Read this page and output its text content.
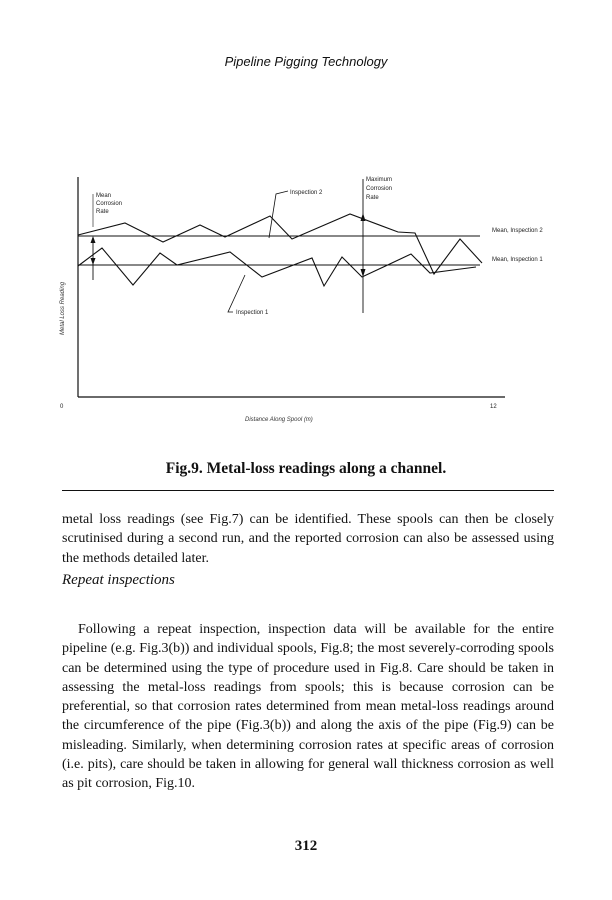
Pipeline Pigging Technology
Mean
Corrosion
Rate
Maximum
Corrosion
Rate
Inspection 2
Inspection 1
Mean, Inspection 2
Mean, Inspection 1
Metal Loss Reading
Distance Along Spool (m)
0	12
Fig.9. Metal-loss readings along a channel.

metal loss readings (see Fig.7) can be identified. These spools can then be closely scrutinised during a second run, and the reported corrosion can also be assessed using the methods detailed later.

Repeat inspections

Following a repeat inspection, inspection data will be available for the entire pipeline (e.g. Fig.3(b)) and individual spools, Fig.8; the most severely-corroding spools can be determined using the type of procedure used in Fig.8. Care should be taken in assessing the metal-loss readings from spools; this is because corrosion can be preferential, so that corrosion rates determined from mean metal-loss readings around the circumference of the pipe (Fig.3(b)) and along the axis of the pipe (Fig.9) can be misleading. Similarly, when determining corrosion rates at specific areas of corrosion (i.e. pits), care should be taken in allowing for general wall thickness corrosion as well as pit corrosion, Fig.10.

312
